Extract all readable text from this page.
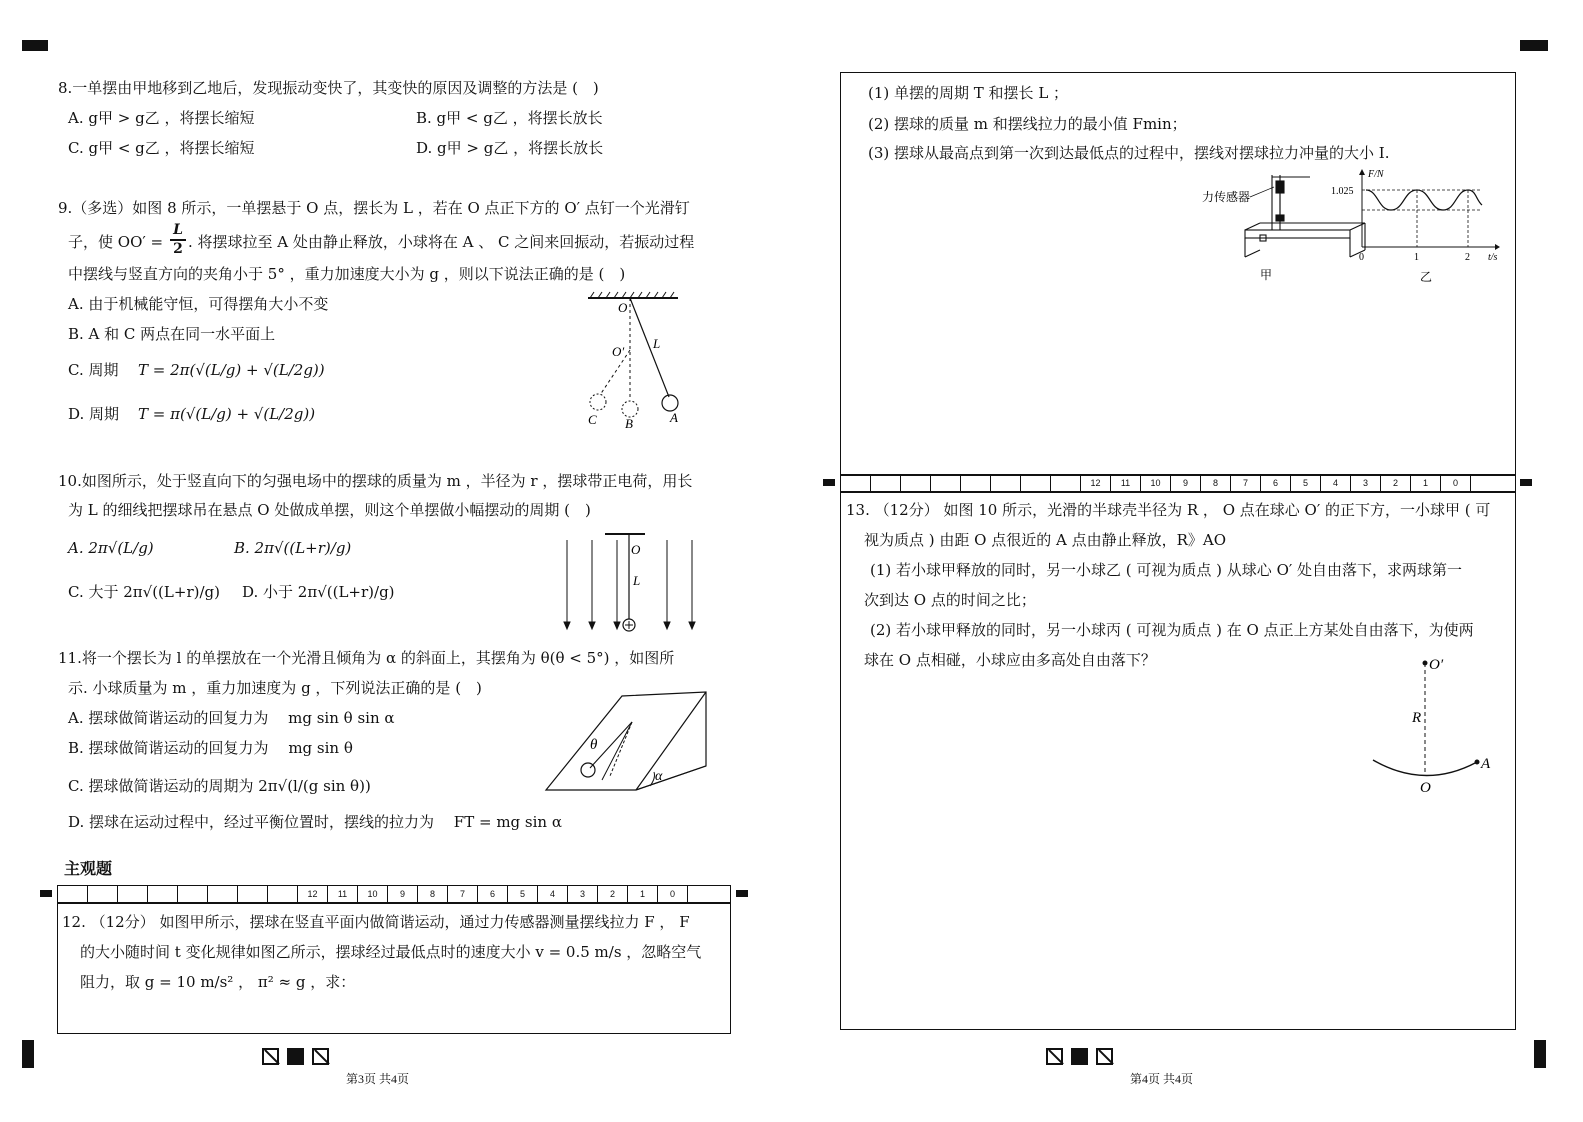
8.一单摆由甲地移到乙地后，发现振动变快了，其变快的原因及调整的方法是 (　)
A. g甲 > g乙 ，将摆长缩短	B. g甲 < g乙 ，将摆长放长
C. g甲 < g乙 ，将摆长缩短	D. g甲 > g乙 ，将摆长放长
9.（多选）如图 8 所示，一单摆悬于 O 点，摆长为 L ，若在 O 点正下方的 O′ 点钉一个光滑钉
子，使 OO′ =
L
2 . 将摆球拉至 A 处由静止释放，小球将在 A 、 C 之间来回振动，若振动过程
中摆线与竖直方向的夹角小于 5° ，重力加速度大小为 g ，则以下说法正确的是 (　)
A. 由于机械能守恒，可得摆角大小不变
B. A 和 C 两点在同一水平面上
C. 周期 T = 2π(√(L/g) + √(L/2g))
D. 周期 T = π(√(L/g) + √(L/2g))
O
O′
L
A
B
C
10.如图所示，处于竖直向下的匀强电场中的摆球的质量为 m ，半径为 r ，摆球带正电荷，用长
为 L 的细线把摆球吊在悬点 O 处做成单摆，则这个单摆做小幅摆动的周期 (　)
A. 2π√(L/g)	B. 2π√((L+r)/g)
C. 大于 2π√((L+r)/g) D. 小于 2π√((L+r)/g)
O
L
11.将一个摆长为 l 的单摆放在一个光滑且倾角为 α 的斜面上，其摆角为 θ(θ < 5°) ，如图所
示. 小球质量为 m ，重力加速度为 g ，下列说法正确的是 (　)
A. 摆球做简谐运动的回复力为　 mg sin θ sin α
B. 摆球做简谐运动的回复力为　 mg sin θ
C. 摆球做简谐运动的周期为 2π√(l/(g sin θ))
D. 摆球在运动过程中，经过平衡位置时，摆线的拉力为　 FT = mg sin α
θ
α
主观题
12	11	10	9	8	7	6	5	4	3	2	1	0
12. （12分） 如图甲所示，摆球在竖直平面内做简谐运动，通过力传感器测量摆线拉力 F ， F
的大小随时间 t 变化规律如图乙所示，摆球经过最低点时的速度大小 v = 0.5 m/s ，忽略空气
阻力，取 g = 10 m/s² ， π² ≈ g ，求：
第3页 共4页
(1) 单摆的周期 T 和摆长 L ；
(2) 摆球的质量 m 和摆线拉力的最小值 Fmin；
(3) 摆球从最高点到第一次到达最低点的过程中，摆线对摆球拉力冲量的大小 I.
力传感器
甲
F/N
t/s
1.025
0	1	2
乙
12	11	10	9	8	7	6	5	4	3	2	1	0
13. （12分） 如图 10 所示，光滑的半球壳半径为 R ， O 点在球心 O′ 的正下方，一小球甲 ( 可
视为质点 ) 由距 O 点很近的 A 点由静止释放，R》AO
(1) 若小球甲释放的同时，另一小球乙 ( 可视为质点 ) 从球心 O′ 处自由落下，求两球第一
次到达 O 点的时间之比；
(2) 若小球甲释放的同时，另一小球丙 ( 可视为质点 ) 在 O 点正上方某处自由落下，为使两
球在 O 点相碰，小球应由多高处自由落下？	O′
R
A
O
第4页 共4页
